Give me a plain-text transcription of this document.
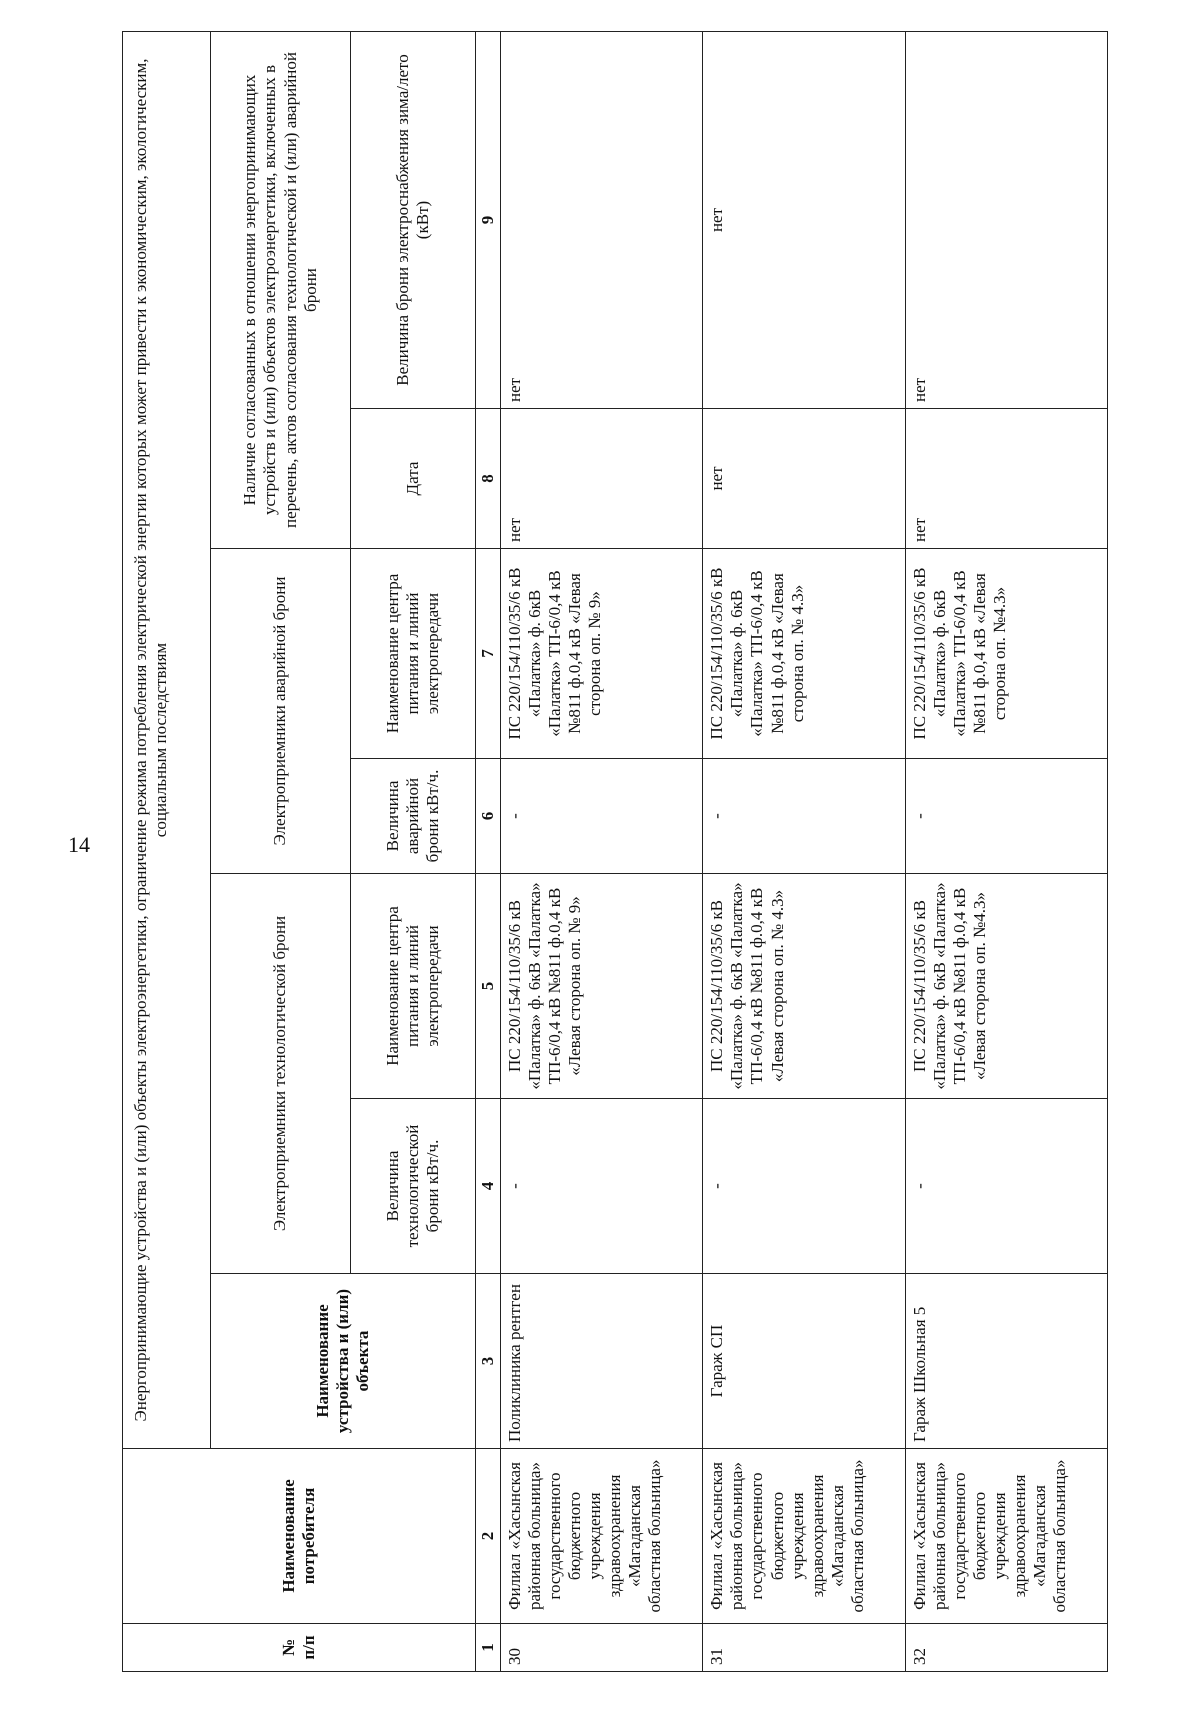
14
№ п/п	Наименование потребителя	Энергопринимающие устройства и (или) объекты электроэнергетики, ограничение режима потребления электрической энергии которых может привести к экономическим, экологическим, социальным последствиям						
		Наименование устройства и (или) объекта	Электроприемники технологической брони		Электроприемники аварийной брони		Наличие согласованных в отношении энергопринимающих устройств и (или) объектов электроэнергетики, включенных в перечень, актов согласования технологической и (или) аварийной брони	
			Величина технологической брони кВт/ч.	Наименование центра питания и линий электропередачи	Величина аварийной брони кВт/ч.	Наименование центра питания и линий электропередачи	Дата	Величина брони электроснабжения зима/лето (кВт)
1	2	3	4	5	6	7	8	9
30	Филиал «Хасынская районная больница» государственного бюджетного учреждения здравоохранения «Магаданская областная больница»	Поликлиника рентген	-	ПС 220/154/110/35/6 кВ «Палатка» ф. 6кВ «Палатка» ТП-6/0,4 кВ №811 ф.0,4 кВ «Левая сторона оп. № 9»	-	ПС 220/154/110/35/6 кВ «Палатка» ф. 6кВ «Палатка» ТП-6/0,4 кВ №811 ф.0,4 кВ «Левая сторона оп. № 9»	нет	нет
31	Филиал «Хасынская районная больница» государственного бюджетного учреждения здравоохранения «Магаданская областная больница»	Гараж СП	-	ПС 220/154/110/35/6 кВ «Палатка» ф. 6кВ «Палатка» ТП-6/0,4 кВ №811 ф.0,4 кВ «Левая сторона оп. № 4.3»	-	ПС 220/154/110/35/6 кВ «Палатка» ф. 6кВ «Палатка» ТП-6/0,4 кВ №811 ф.0,4 кВ «Левая сторона оп. № 4.3»	нет	нет
32	Филиал «Хасынская районная больница» государственного бюджетного учреждения здравоохранения «Магаданская областная больница»	Гараж Школьная 5	-	ПС 220/154/110/35/6 кВ «Палатка» ф. 6кВ «Палатка» ТП-6/0,4 кВ №811 ф.0,4 кВ «Левая сторона оп. №4.3»	-	ПС 220/154/110/35/6 кВ «Палатка» ф. 6кВ «Палатка» ТП-6/0,4 кВ №811 ф.0,4 кВ «Левая сторона оп. №4.3»	нет	нет
